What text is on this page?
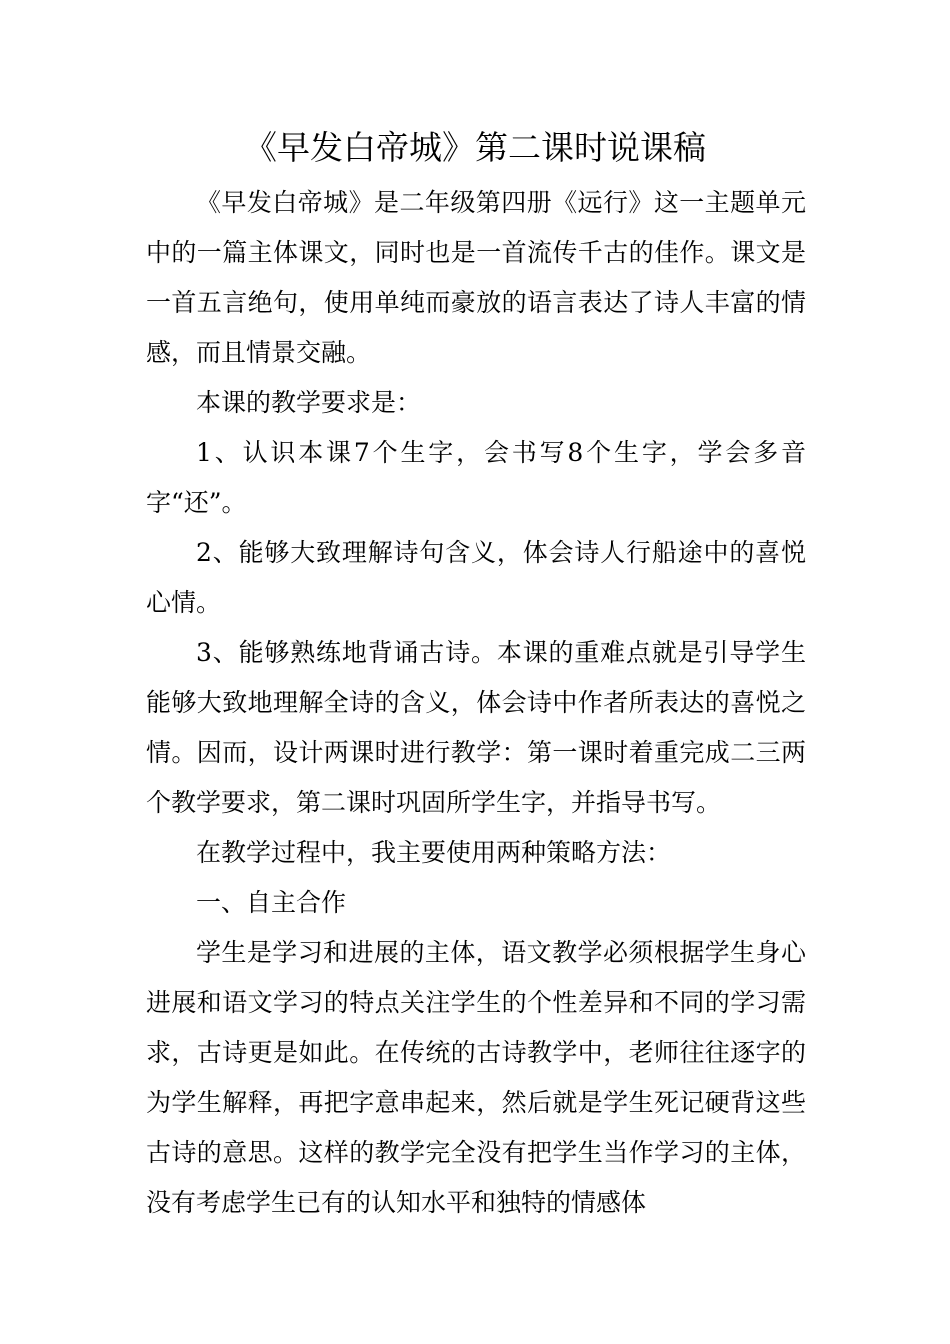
《早发白帝城》第二课时说课稿

《早发白帝城》是二年级第四册《远行》这一主题单元中的一篇主体课文，同时也是一首流传千古的佳作。课文是一首五言绝句，使用单纯而豪放的语言表达了诗人丰富的情感，而且情景交融。

本课的教学要求是：

1、认识本课7个生字，会书写8个生字，学会多音字“还”。

2、能够大致理解诗句含义，体会诗人行船途中的喜悦心情。

3、能够熟练地背诵古诗。本课的重难点就是引导学生能够大致地理解全诗的含义，体会诗中作者所表达的喜悦之情。因而，设计两课时进行教学：第一课时着重完成二三两个教学要求，第二课时巩固所学生字，并指导书写。

在教学过程中，我主要使用两种策略方法：

一、自主合作

学生是学习和进展的主体，语文教学必须根据学生身心进展和语文学习的特点关注学生的个性差异和不同的学习需求，古诗更是如此。在传统的古诗教学中，老师往往逐字的为学生解释，再把字意串起来，然后就是学生死记硬背这些古诗的意思。这样的教学完全没有把学生当作学习的主体，没有考虑学生已有的认知水平和独特的情感体
